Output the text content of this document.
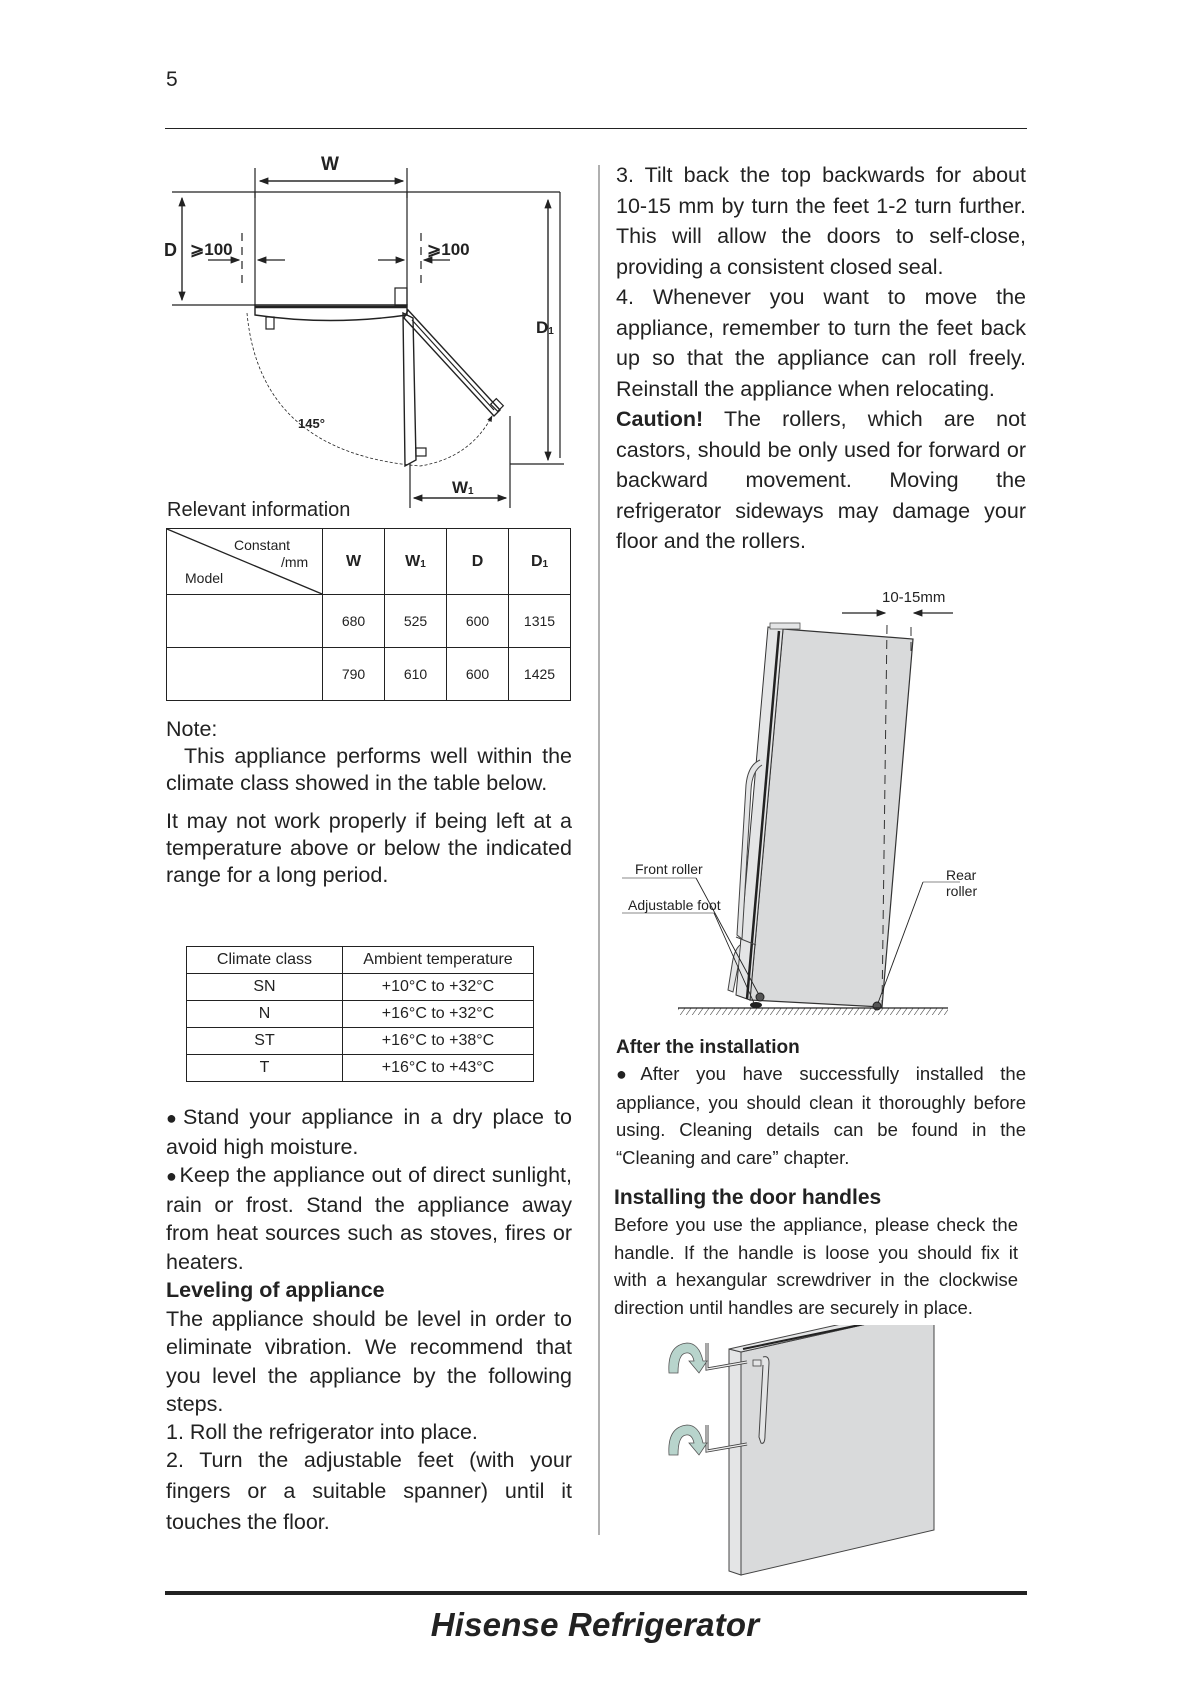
5
W
D ⩾100	⩾100
D1
W1
145°
Relevant information
Constant
/mm
Model	W	W1	D	D1
	680	525	600	1315
	790	610	600	1425

Note:

This appliance performs well within the climate class showed in the table below.

It may not work properly if being left at a temperature above or below the indicated range for a long period.

Climate class	Ambient temperature
SN	+10°C to +32°C
N	+16°C to +32°C
ST	+16°C to +38°C
T	+16°C to +43°C

● Stand your appliance in a dry place to avoid high moisture.

● Keep the appliance out of direct sunlight, rain or frost. Stand the appliance away from heat sources such as stoves, fires or heaters.

Leveling of appliance

The appliance should be level in order to eliminate vibration. We recommend that you level the appliance by the following steps.

1. Roll the refrigerator into place.

2. Turn the adjustable feet (with your fingers or a suitable spanner) until it touches the floor.

3. Tilt back the top backwards for about 10-15 mm by turn the feet 1-2 turn further. This will allow the doors to self-close, providing a consistent closed seal.

4. Whenever you want to move the appliance, remember to turn the feet back up so that the appliance can roll freely. Reinstall the appliance when relocating.

Caution! The rollers, which are not castors, should be only used for forward or backward movement. Moving the refrigerator sideways may damage your floor and the rollers.

10-15mm
Front roller
Adjustable foot
Rear roller

After the installation

● After you have successfully installed the appliance, you should clean it thoroughly before using. Cleaning details can be found in the “Cleaning and care” chapter.

Installing the door handles

Before you use the appliance, please check the handle. If the handle is loose you should fix it with a hexangular screwdriver in the clockwise direction until handles are securely in place.

Hisense Refrigerator
